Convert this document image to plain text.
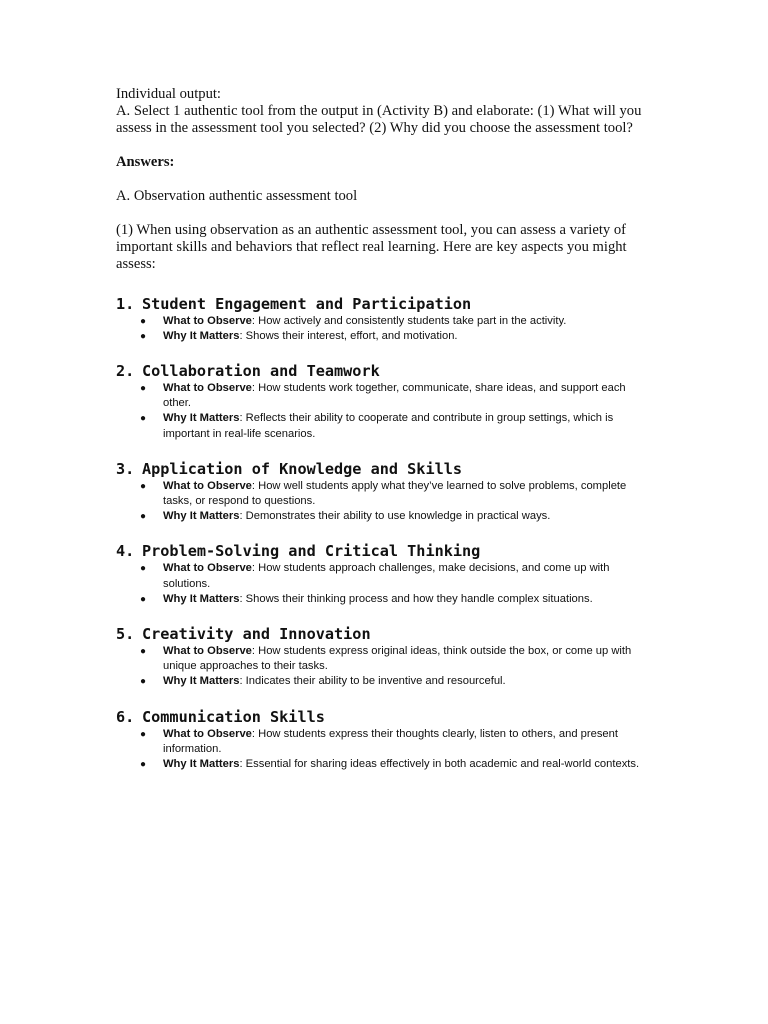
Individual output:

A. Select 1 authentic tool from the output in (Activity B) and elaborate: (1) What will you assess in the assessment tool you selected? (2) Why did you choose the assessment tool?

Answers:

A. Observation authentic assessment tool

(1) When using observation as an authentic assessment tool, you can assess a variety of important skills and behaviors that reflect real learning. Here are key aspects you might assess:

1. Student Engagement and Participation
● What to Observe: How actively and consistently students take part in the activity.
● Why It Matters: Shows their interest, effort, and motivation.
2. Collaboration and Teamwork
● What to Observe: How students work together, communicate, share ideas, and support each other.
● Why It Matters: Reflects their ability to cooperate and contribute in group settings, which is important in real-life scenarios.
3. Application of Knowledge and Skills
● What to Observe: How well students apply what they’ve learned to solve problems, complete tasks, or respond to questions.
● Why It Matters: Demonstrates their ability to use knowledge in practical ways.
4. Problem-Solving and Critical Thinking
● What to Observe: How students approach challenges, make decisions, and come up with solutions.
● Why It Matters: Shows their thinking process and how they handle complex situations.
5. Creativity and Innovation
● What to Observe: How students express original ideas, think outside the box, or come up with unique approaches to their tasks.
● Why It Matters: Indicates their ability to be inventive and resourceful.
6. Communication Skills
● What to Observe: How students express their thoughts clearly, listen to others, and present information.
● Why It Matters: Essential for sharing ideas effectively in both academic and real-world contexts.
